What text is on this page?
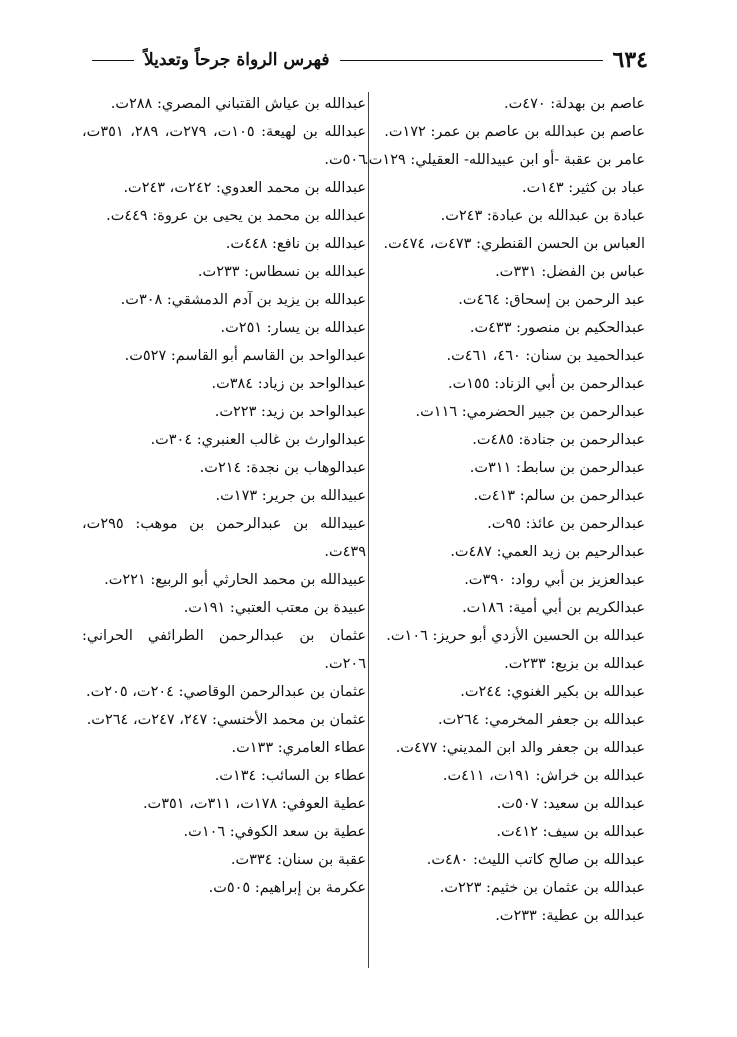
٦٣٤
فهرس الرواة جرحاً وتعديلاً

عاصم بن بهدلة: ٤٧٠ت.

عاصم بن عبدالله بن عاصم بن عمر: ١٧٢ت.

عامر بن عقبة -أو ابن عبيدالله- العقيلي: ١٢٩ت.

عباد بن كثير: ١٤٣ت.

عبادة بن عبدالله بن عبادة: ٢٤٣ت.

العباس بن الحسن القنطري: ٤٧٣ت، ٤٧٤ت.

عباس بن الفضل: ٣٣١ت.

عبد الرحمن بن إسحاق: ٤٦٤ت.

عبدالحكيم بن منصور: ٤٣٣ت.

عبدالحميد بن سنان: ٤٦٠، ٤٦١ت.

عبدالرحمن بن أبي الزناد: ١٥٥ت.

عبدالرحمن بن جبير الحضرمي: ١١٦ت.

عبدالرحمن بن جنادة: ٤٨٥ت.

عبدالرحمن بن سابط: ٣١١ت.

عبدالرحمن بن سالم: ٤١٣ت.

عبدالرحمن بن عائذ: ٩٥ت.

عبدالرحيم بن زيد العمي: ٤٨٧ت.

عبدالعزيز بن أبي رواد: ٣٩٠ت.

عبدالكريم بن أبي أمية: ١٨٦ت.

عبدالله بن الحسين الأزدي أبو حريز: ١٠٦ت.

عبدالله بن بزيع: ٢٣٣ت.

عبدالله بن بكير الغنوي: ٢٤٤ت.

عبدالله بن جعفر المخرمي: ٢٦٤ت.

عبدالله بن جعفر والد ابن المديني: ٤٧٧ت.

عبدالله بن خراش: ١٩١ت، ٤١١ت.

عبدالله بن سعيد: ٥٠٧ت.

عبدالله بن سيف: ٤١٢ت.

عبدالله بن صالح كاتب الليث: ٤٨٠ت.

عبدالله بن عثمان بن خثيم: ٢٢٣ت.

عبدالله بن عطية: ٢٣٣ت.

عبدالله بن عياش القتباني المصري: ٢٨٨ت.

عبدالله بن لهيعة: ١٠٥ت، ٢٧٩ت، ٢٨٩، ٣٥١ت، ٥٠٦ت.

عبدالله بن محمد العدوي: ٢٤٢ت، ٢٤٣ت.

عبدالله بن محمد بن يحيى بن عروة: ٤٤٩ت.

عبدالله بن نافع: ٤٤٨ت.

عبدالله بن نسطاس: ٢٣٣ت.

عبدالله بن يزيد بن آدم الدمشقي: ٣٠٨ت.

عبدالله بن يسار: ٢٥١ت.

عبدالواحد بن القاسم أبو القاسم: ٥٢٧ت.

عبدالواحد بن زياد: ٣٨٤ت.

عبدالواحد بن زيد: ٢٢٣ت.

عبدالوارث بن غالب العنبري: ٣٠٤ت.

عبدالوهاب بن نجدة: ٢١٤ت.

عبيدالله بن جرير: ١٧٣ت.

عبيدالله بن عبدالرحمن بن موهب: ٢٩٥ت، ٤٣٩ت.

عبيدالله بن محمد الحارثي أبو الربيع: ٢٢١ت.

عبيدة بن معتب العتبي: ١٩١ت.

عثمان بن عبدالرحمن الطرائفي الحراني: ٢٠٦ت.

عثمان بن عبدالرحمن الوقاصي: ٢٠٤ت، ٢٠٥ت.

عثمان بن محمد الأخنسي: ٢٤٧، ٢٤٧ت، ٢٦٤ت.

عطاء العامري: ١٣٣ت.

عطاء بن السائب: ١٣٤ت.

عطية العوفي: ١٧٨ت، ٣١١ت، ٣٥١ت.

عطية بن سعد الكوفي: ١٠٦ت.

عقبة بن سنان: ٣٣٤ت.

عكرمة بن إبراهيم: ٥٠٥ت.
